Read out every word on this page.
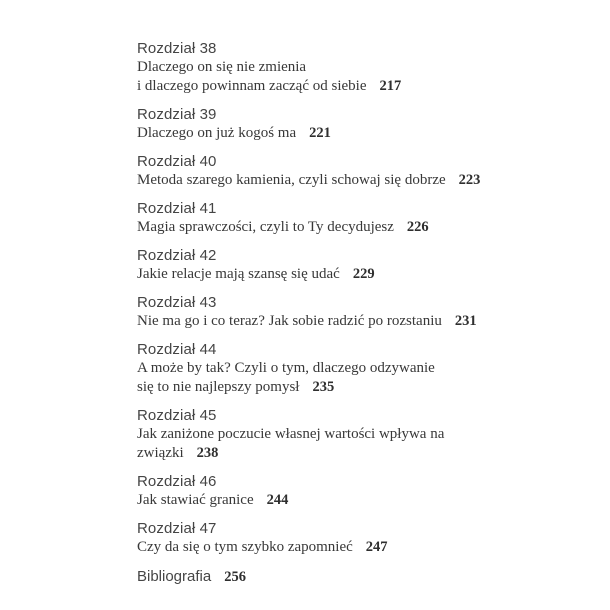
Rozdział 38
Dlaczego on się nie zmienia
i dlaczego powinnam zacząć od siebie 217
Rozdział 39
Dlaczego on już kogoś ma 221
Rozdział 40
Metoda szarego kamienia, czyli schowaj się dobrze 223
Rozdział 41
Magia sprawczości, czyli to Ty decydujesz 226
Rozdział 42
Jakie relacje mają szansę się udać 229
Rozdział 43
Nie ma go i co teraz? Jak sobie radzić po rozstaniu 231
Rozdział 44
A może by tak? Czyli o tym, dlaczego odzywanie
się to nie najlepszy pomysł 235
Rozdział 45
Jak zaniżone poczucie własnej wartości wpływa na
związki 238
Rozdział 46
Jak stawiać granice 244
Rozdział 47
Czy da się o tym szybko zapomnieć 247
Bibliografia 256
